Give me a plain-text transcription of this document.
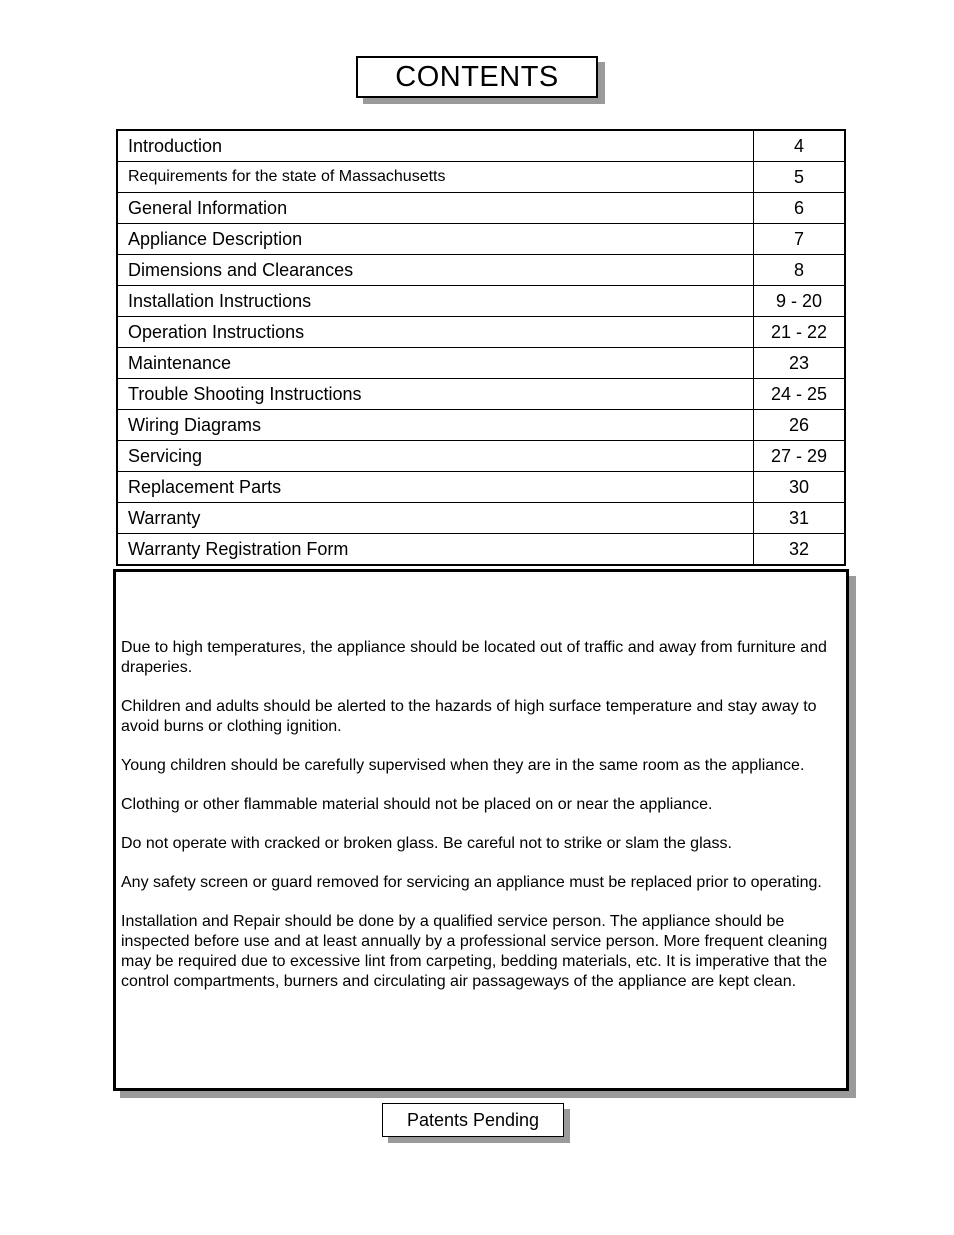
CONTENTS
Introduction	4
Requirements for the state of Massachusetts	5
General Information	6
Appliance Description	7
Dimensions and Clearances	8
Installation Instructions	9 - 20
Operation Instructions	21 - 22
Maintenance	23
Trouble Shooting Instructions	24 - 25
Wiring Diagrams	26
Servicing	27 - 29
Replacement Parts	30
Warranty	31
Warranty Registration Form	32

Due to high temperatures, the appliance should be located out of traffic and away from furniture and draperies.

Children and adults should be alerted to the hazards of high surface temperature and stay away to avoid burns or clothing ignition.

Young children should be carefully supervised when they are in the same room as the appliance.

Clothing or other flammable material should not be placed on or near the appliance.

Do not operate with cracked or broken glass. Be careful not to strike or slam the glass.

Any safety screen or guard removed for servicing an appliance must be replaced prior to operating.

Installation and Repair should be done by a qualified service person. The appliance should be inspected before use and at least annually by a professional service person. More frequent cleaning may be required due to excessive lint from carpeting, bedding materials, etc. It is imperative that the control compartments, burners and circulating air passageways of the appliance are kept clean.

Patents Pending
